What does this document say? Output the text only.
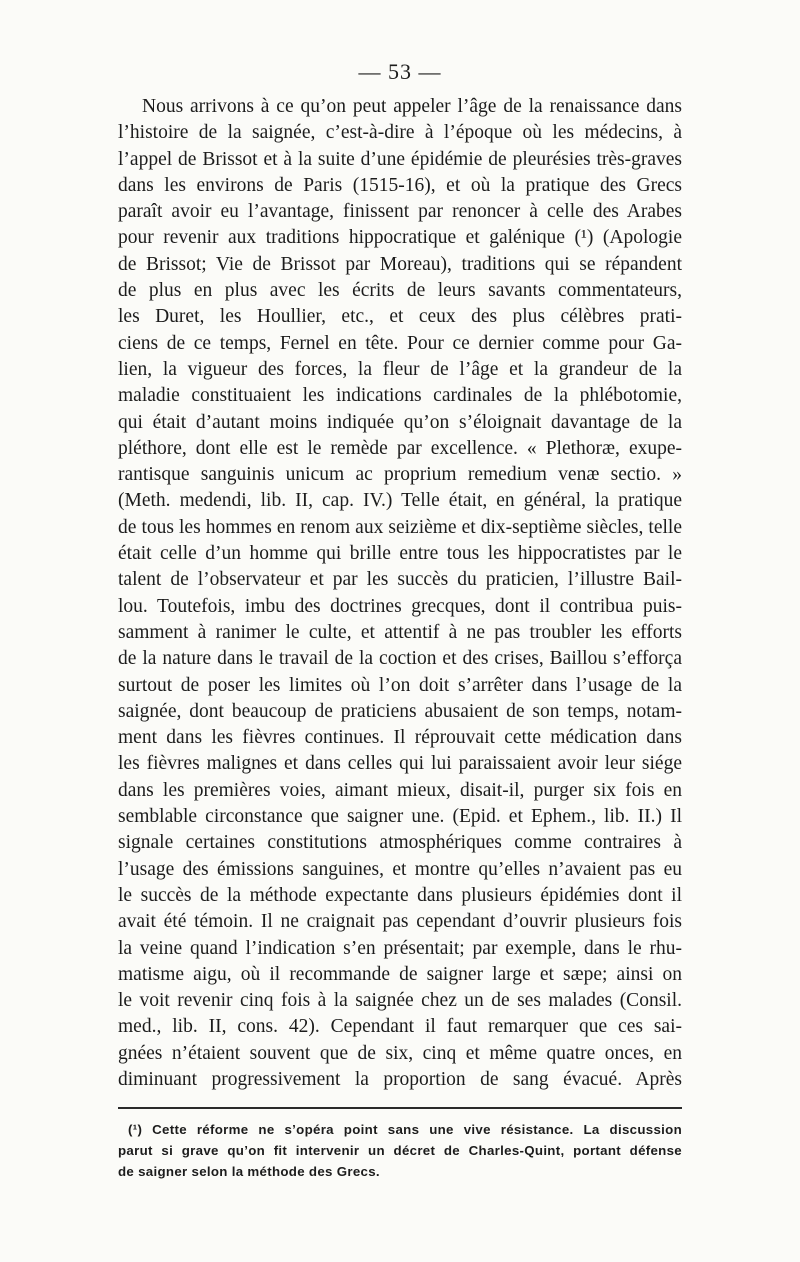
— 53 —
Nous arrivons à ce qu’on peut appeler l’âge de la renaissance dans
l’histoire de la saignée, c’est-à-dire à l’époque où les médecins, à
l’appel de Brissot et à la suite d’une épidémie de pleurésies très-graves
dans les environs de Paris (1515-16), et où la pratique des Grecs
paraît avoir eu l’avantage, finissent par renoncer à celle des Arabes
pour revenir aux traditions hippocratique et galénique (¹) (Apologie
de Brissot; Vie de Brissot par Moreau), traditions qui se répandent
de plus en plus avec les écrits de leurs savants commentateurs,
les Duret, les Houllier, etc., et ceux des plus célèbres prati-
ciens de ce temps, Fernel en tête. Pour ce dernier comme pour Ga-
lien, la vigueur des forces, la fleur de l’âge et la grandeur de la
maladie constituaient les indications cardinales de la phlébotomie,
qui était d’autant moins indiquée qu’on s’éloignait davantage de la
pléthore, dont elle est le remède par excellence. « Plethoræ, exupe-
rantisque sanguinis unicum ac proprium remedium venæ sectio. »
(Meth. medendi, lib. II, cap. IV.) Telle était, en général, la pratique
de tous les hommes en renom aux seizième et dix-septième siècles, telle
était celle d’un homme qui brille entre tous les hippocratistes par le
talent de l’observateur et par les succès du praticien, l’illustre Bail-
lou. Toutefois, imbu des doctrines grecques, dont il contribua puis-
samment à ranimer le culte, et attentif à ne pas troubler les efforts
de la nature dans le travail de la coction et des crises, Baillou s’efforça
surtout de poser les limites où l’on doit s’arrêter dans l’usage de la
saignée, dont beaucoup de praticiens abusaient de son temps, notam-
ment dans les fièvres continues. Il réprouvait cette médication dans
les fièvres malignes et dans celles qui lui paraissaient avoir leur siége
dans les premières voies, aimant mieux, disait-il, purger six fois en
semblable circonstance que saigner une. (Epid. et Ephem., lib. II.) Il
signale certaines constitutions atmosphériques comme contraires à
l’usage des émissions sanguines, et montre qu’elles n’avaient pas eu
le succès de la méthode expectante dans plusieurs épidémies dont il
avait été témoin. Il ne craignait pas cependant d’ouvrir plusieurs fois
la veine quand l’indication s’en présentait; par exemple, dans le rhu-
matisme aigu, où il recommande de saigner large et sæpe; ainsi on
le voit revenir cinq fois à la saignée chez un de ses malades (Consil.
med., lib. II, cons. 42). Cependant il faut remarquer que ces sai-
gnées n’étaient souvent que de six, cinq et même quatre onces, en
diminuant progressivement la proportion de sang évacué. Après
(¹) Cette réforme ne s’opéra point sans une vive résistance. La discussion
parut si grave qu’on fit intervenir un décret de Charles-Quint, portant défense
de saigner selon la méthode des Grecs.
